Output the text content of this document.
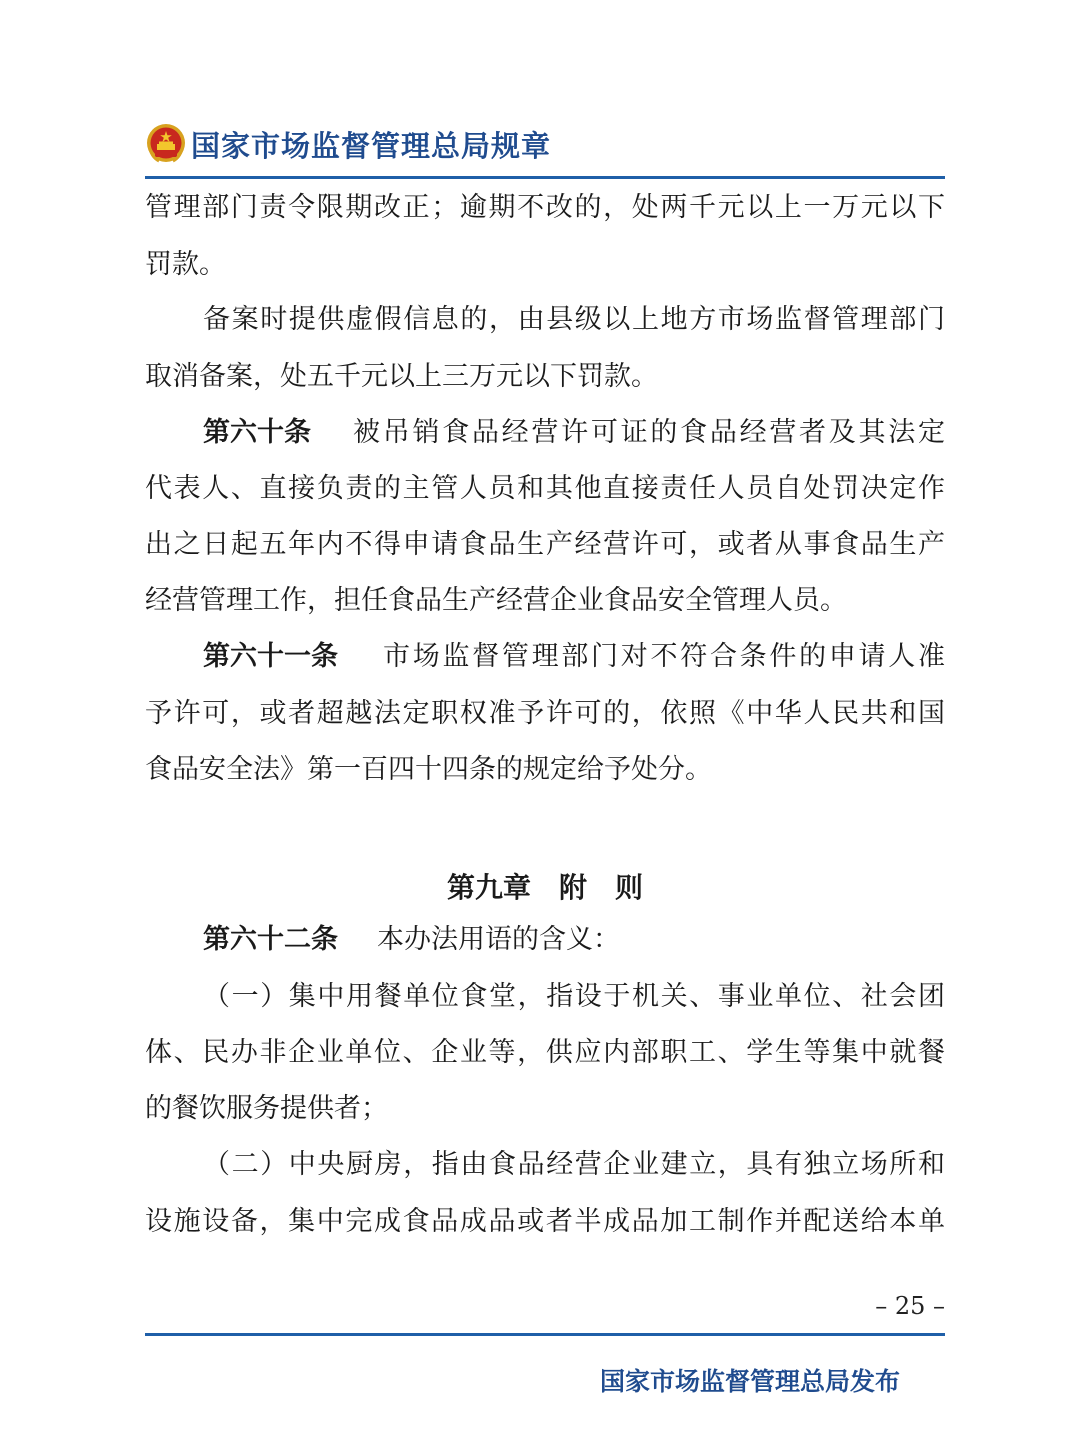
国家市场监督管理总局规章
管理部门责令限期改正；逾期不改的，处两千元以上一万元以下
罚款。
备案时提供虚假信息的，由县级以上地方市场监督管理部门
取消备案，处五千元以上三万元以下罚款。
第六十条 被吊销食品经营许可证的食品经营者及其法定
代表人、直接负责的主管人员和其他直接责任人员自处罚决定作
出之日起五年内不得申请食品生产经营许可，或者从事食品生产
经营管理工作，担任食品生产经营企业食品安全管理人员。
第六十一条 市场监督管理部门对不符合条件的申请人准
予许可，或者超越法定职权准予许可的，依照《中华人民共和国
食品安全法》第一百四十四条的规定给予处分。
第六十二条 本办法用语的含义：
（一）集中用餐单位食堂，指设于机关、事业单位、社会团
体、民办非企业单位、企业等，供应内部职工、学生等集中就餐
的餐饮服务提供者；
（二）中央厨房，指由食品经营企业建立，具有独立场所和
设施设备，集中完成食品成品或者半成品加工制作并配送给本单
第九章　附　则
– 25 –
国家市场监督管理总局发布
